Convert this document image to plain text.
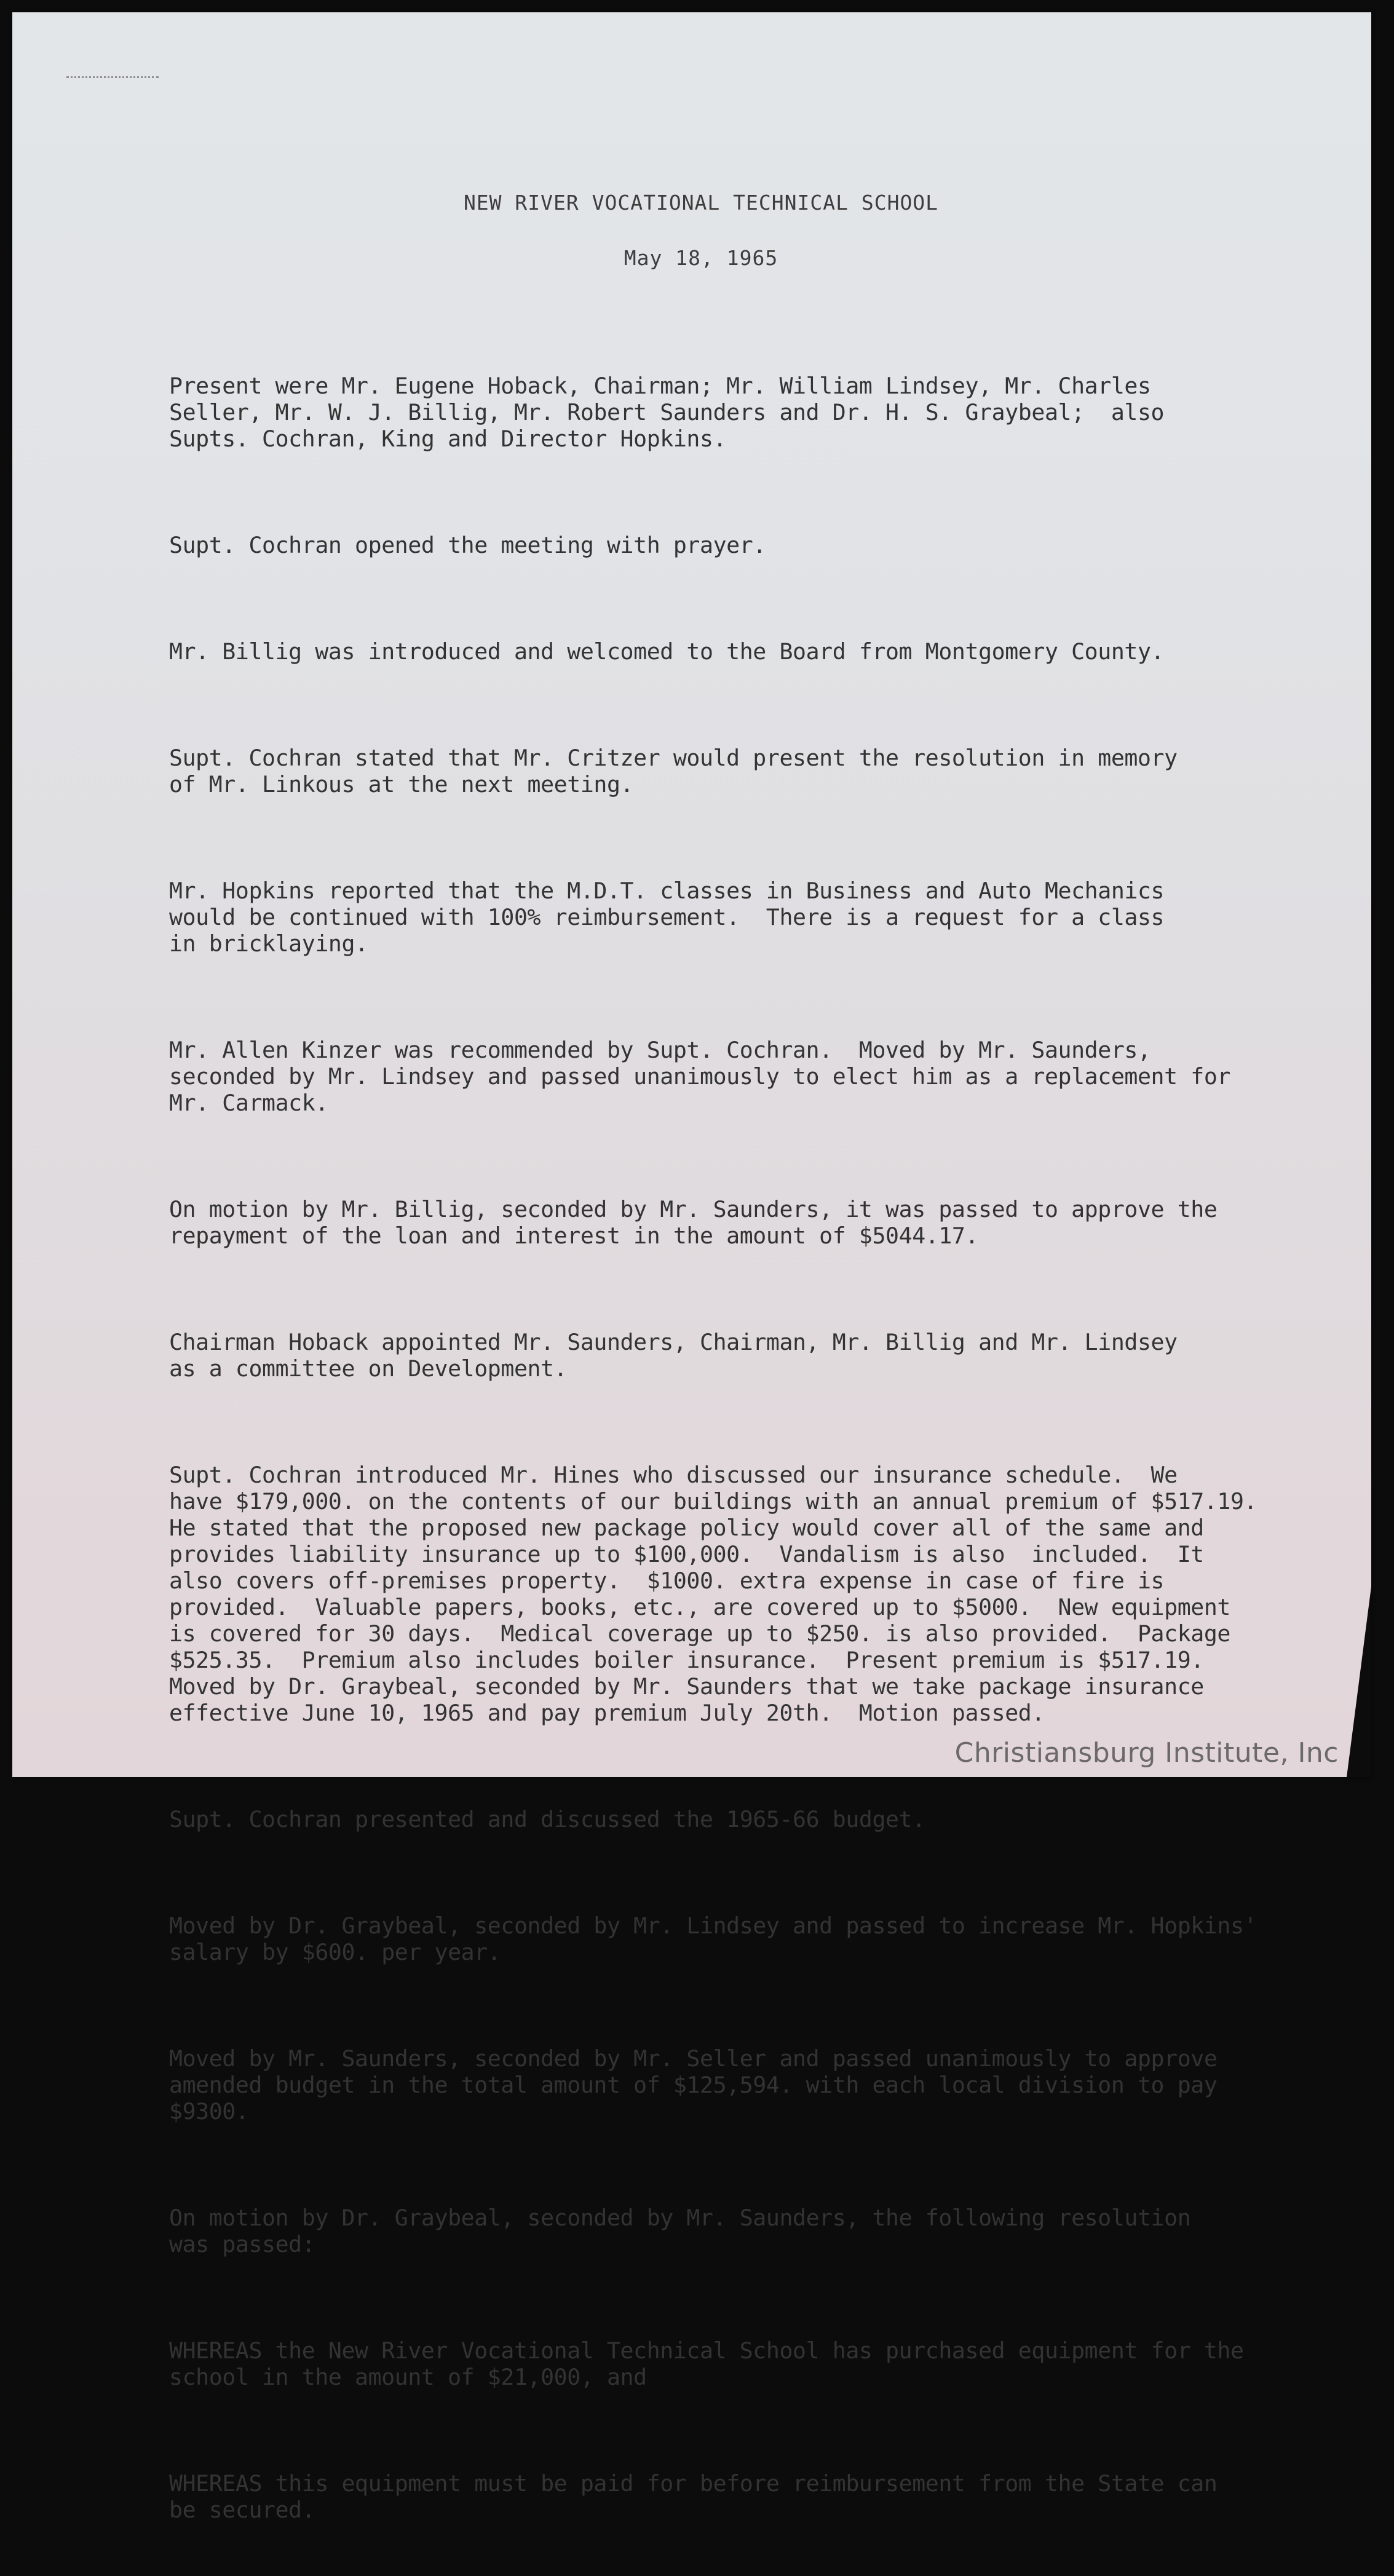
NEW RIVER VOCATIONAL TECHNICAL SCHOOL
May 18, 1965

Present were Mr. Eugene Hoback, Chairman; Mr. William Lindsey, Mr. Charles
Seller, Mr. W. J. Billig, Mr. Robert Saunders and Dr. H. S. Graybeal;  also
Supts. Cochran, King and Director Hopkins.

Supt. Cochran opened the meeting with prayer.

Mr. Billig was introduced and welcomed to the Board from Montgomery County.

Supt. Cochran stated that Mr. Critzer would present the resolution in memory
of Mr. Linkous at the next meeting.

Mr. Hopkins reported that the M.D.T. classes in Business and Auto Mechanics
would be continued with 100% reimbursement.  There is a request for a class
in bricklaying.

Mr. Allen Kinzer was recommended by Supt. Cochran.  Moved by Mr. Saunders,
seconded by Mr. Lindsey and passed unanimously to elect him as a replacement for
Mr. Carmack.

On motion by Mr. Billig, seconded by Mr. Saunders, it was passed to approve the
repayment of the loan and interest in the amount of $5044.17.

Chairman Hoback appointed Mr. Saunders, Chairman, Mr. Billig and Mr. Lindsey
as a committee on Development.

Supt. Cochran introduced Mr. Hines who discussed our insurance schedule.  We
have $179,000. on the contents of our buildings with an annual premium of $517.19.
He stated that the proposed new package policy would cover all of the same and
provides liability insurance up to $100,000.  Vandalism is also  included.  It
also covers off-premises property.  $1000. extra expense in case of fire is
provided.  Valuable papers, books, etc., are covered up to $5000.  New equipment
is covered for 30 days.  Medical coverage up to $250. is also provided.  Package
$525.35.  Premium also includes boiler insurance.  Present premium is $517.19.
Moved by Dr. Graybeal, seconded by Mr. Saunders that we take package insurance
effective June 10, 1965 and pay premium July 20th.  Motion passed.

Supt. Cochran presented and discussed the 1965-66 budget.

Moved by Dr. Graybeal, seconded by Mr. Lindsey and passed to increase Mr. Hopkins'
salary by $600. per year.

Moved by Mr. Saunders, seconded by Mr. Seller and passed unanimously to approve
amended budget in the total amount of $125,594. with each local division to pay
$9300.

On motion by Dr. Graybeal, seconded by Mr. Saunders, the following resolution
was passed:

WHEREAS the New River Vocational Technical School has purchased equipment for the
school in the amount of $21,000, and

WHEREAS this equipment must be paid for before reimbursement from the State can
be secured.

Christiansburg Institute, Inc
